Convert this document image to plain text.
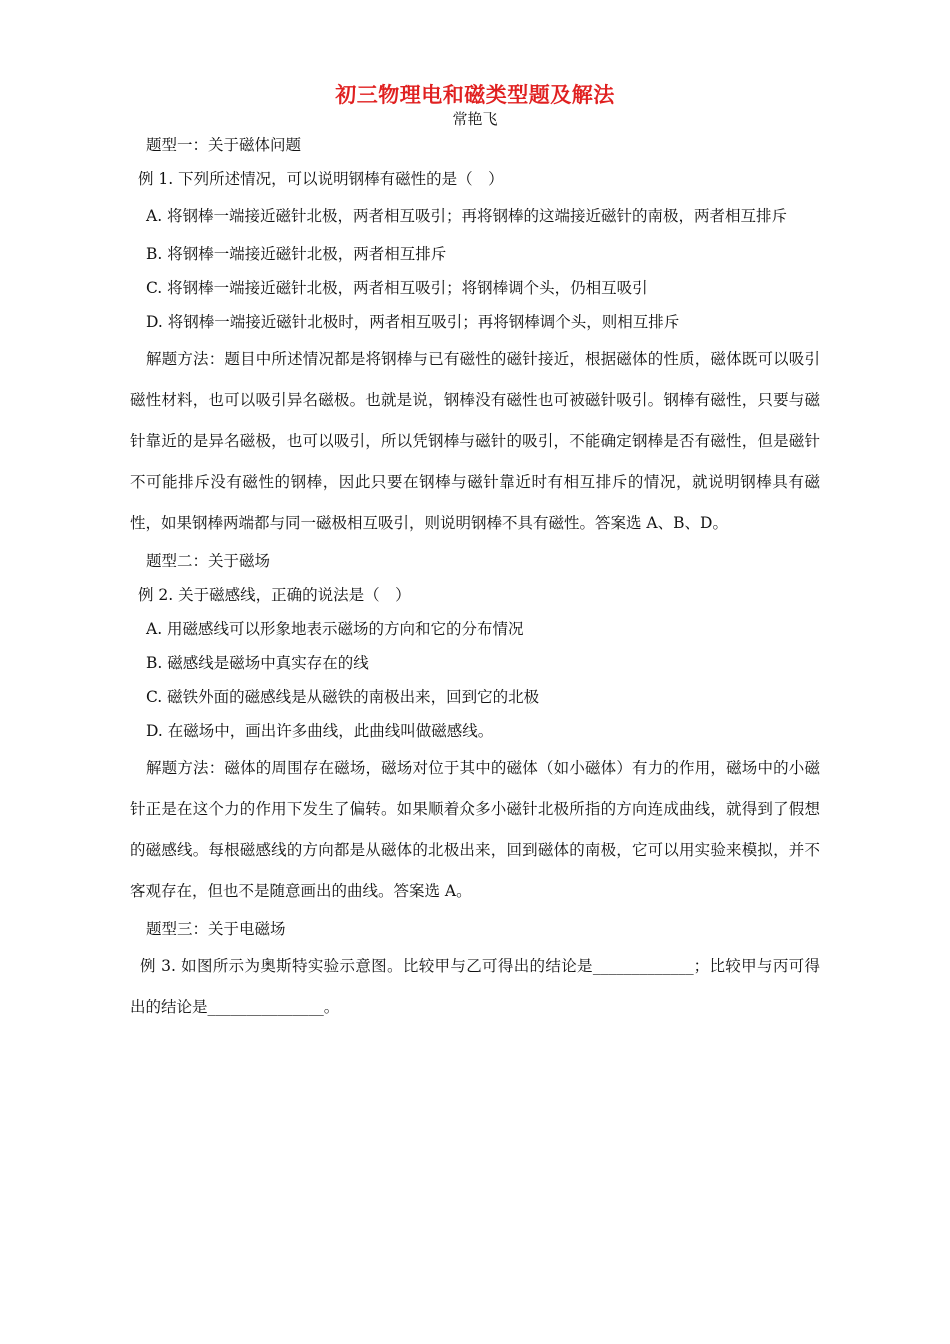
初三物理电和磁类型题及解法
常艳飞

题型一：关于磁体问题

例 1. 下列所述情况，可以说明钢棒有磁性的是（　）

A. 将钢棒一端接近磁针北极，两者相互吸引；再将钢棒的这端接近磁针的南极，两者相互排斥

B. 将钢棒一端接近磁针北极，两者相互排斥

C. 将钢棒一端接近磁针北极，两者相互吸引；将钢棒调个头，仍相互吸引

D. 将钢棒一端接近磁针北极时，两者相互吸引；再将钢棒调个头，则相互排斥

解题方法：题目中所述情况都是将钢棒与已有磁性的磁针接近，根据磁体的性质，磁体既可以吸引磁性材料，也可以吸引异名磁极。也就是说，钢棒没有磁性也可被磁针吸引。钢棒有磁性，只要与磁针靠近的是异名磁极，也可以吸引，所以凭钢棒与磁针的吸引，不能确定钢棒是否有磁性，但是磁针不可能排斥没有磁性的钢棒，因此只要在钢棒与磁针靠近时有相互排斥的情况，就说明钢棒具有磁性，如果钢棒两端都与同一磁极相互吸引，则说明钢棒不具有磁性。答案选 A、B、D。

题型二：关于磁场

例 2. 关于磁感线，正确的说法是（　）

A. 用磁感线可以形象地表示磁场的方向和它的分布情况

B. 磁感线是磁场中真实存在的线

C. 磁铁外面的磁感线是从磁铁的南极出来，回到它的北极

D. 在磁场中，画出许多曲线，此曲线叫做磁感线。

解题方法：磁体的周围存在磁场，磁场对位于其中的磁体（如小磁体）有力的作用，磁场中的小磁针正是在这个力的作用下发生了偏转。如果顺着众多小磁针北极所指的方向连成曲线，就得到了假想的磁感线。每根磁感线的方向都是从磁体的北极出来，回到磁体的南极，它可以用实验来模拟，并不客观存在，但也不是随意画出的曲线。答案选 A。

题型三：关于电磁场

例 3. 如图所示为奥斯特实验示意图。比较甲与乙可得出的结论是_____________；比较甲与丙可得出的结论是_______________。
